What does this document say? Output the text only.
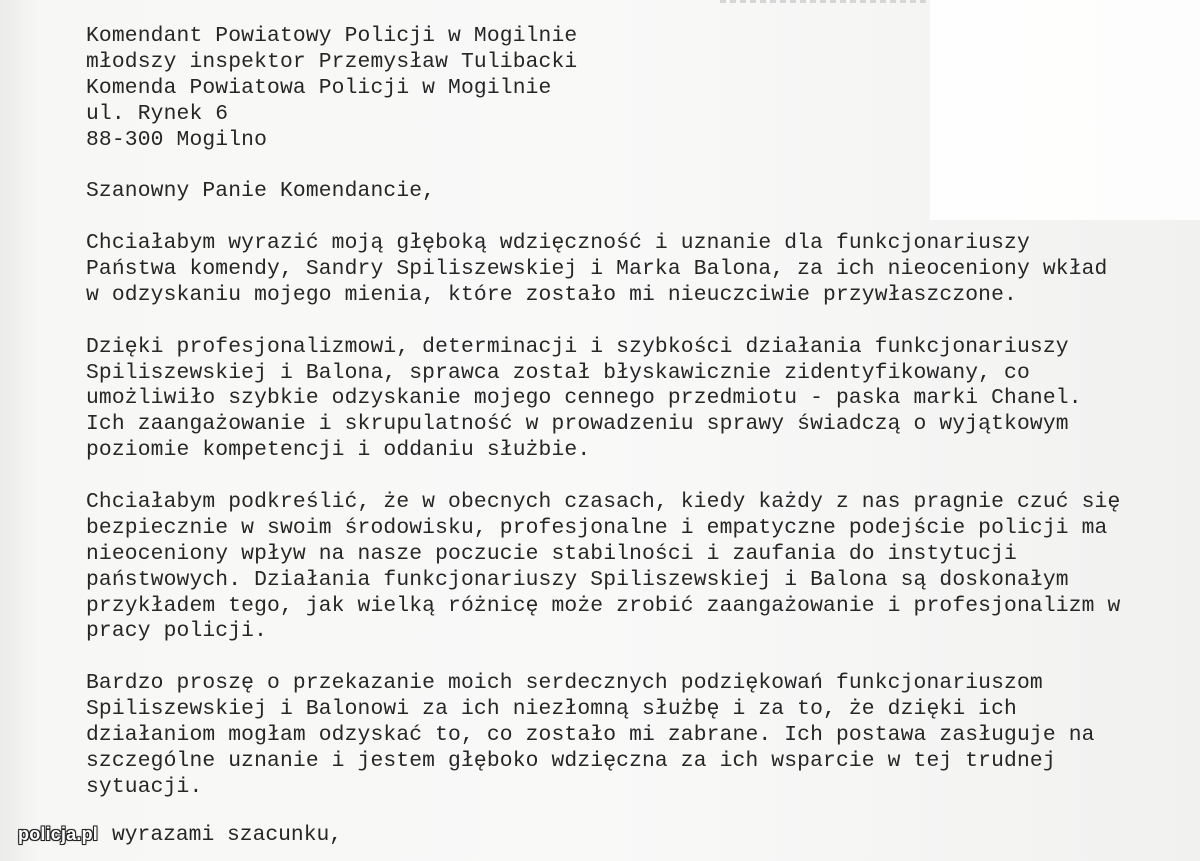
Komendant Powiatowy Policji w Mogilnie
młodszy inspektor Przemysław Tulibacki
Komenda Powiatowa Policji w Mogilnie
ul. Rynek 6
88-300 Mogilno
Szanowny Panie Komendancie,
Chciałabym wyrazić moją głęboką wdzięczność i uznanie dla funkcjonariuszy
Państwa komendy, Sandry Spiliszewskiej i Marka Balona, za ich nieoceniony wkład
w odzyskaniu mojego mienia, które zostało mi nieuczciwie przywłaszczone.
Dzięki profesjonalizmowi, determinacji i szybkości działania funkcjonariuszy
Spiliszewskiej i Balona, sprawca został błyskawicznie zidentyfikowany, co
umożliwiło szybkie odzyskanie mojego cennego przedmiotu - paska marki Chanel.
Ich zaangażowanie i skrupulatność w prowadzeniu sprawy świadczą o wyjątkowym
poziomie kompetencji i oddaniu służbie.
Chciałabym podkreślić, że w obecnych czasach, kiedy każdy z nas pragnie czuć się
bezpiecznie w swoim środowisku, profesjonalne i empatyczne podejście policji ma
nieoceniony wpływ na nasze poczucie stabilności i zaufania do instytucji
państwowych. Działania funkcjonariuszy Spiliszewskiej i Balona są doskonałym
przykładem tego, jak wielką różnicę może zrobić zaangażowanie i profesjonalizm w
pracy policji.
Bardzo proszę o przekazanie moich serdecznych podziękowań funkcjonariuszom
Spiliszewskiej i Balonowi za ich niezłomną służbę i za to, że dzięki ich
działaniom mogłam odzyskać to, co zostało mi zabrane. Ich postawa zasługuje na
szczególne uznanie i jestem głęboko wdzięczna za ich wsparcie w tej trudnej
sytuacji.
wyrazami szacunku,
policja.pl
